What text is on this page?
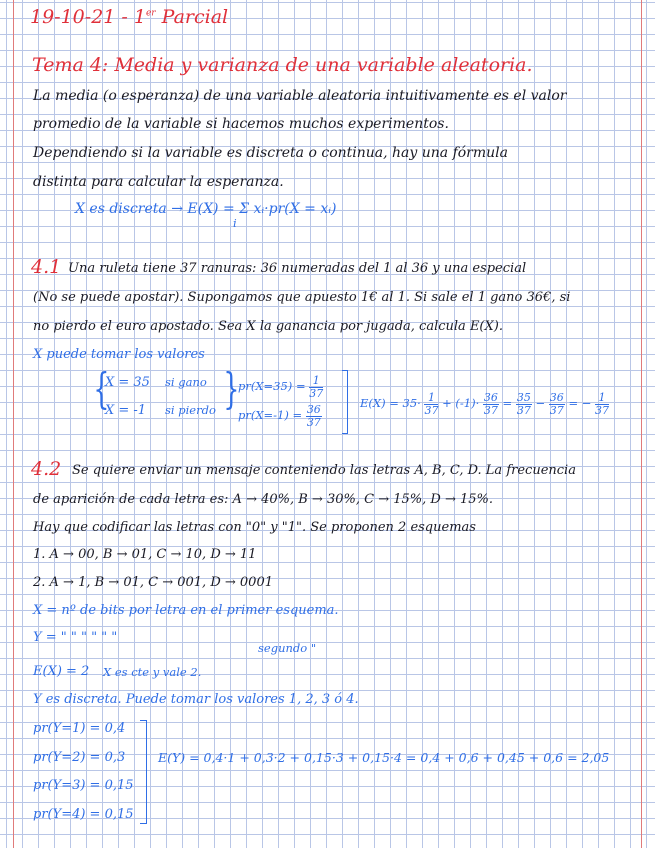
19-10-21 - 1er Parcial
Tema 4: Media y varianza de una variable aleatoria.
La media (o esperanza) de una variable aleatoria intuitivamente es el valor
promedio de la variable si hacemos muchos experimentos.
Dependiendo si la variable es discreta o continua, hay una fórmula
distinta para calcular la esperanza.
X es discreta → E(X) = Σ xᵢ·pr(X = xᵢ)
i
4.1 Una ruleta tiene 37 ranuras: 36 numeradas del 1 al 36 y una especial
(No se puede apostar). Supongamos que apuesto 1€ al 1. Si sale el 1 gano 36€, si
no pierdo el euro apostado. Sea X la ganancia por jugada, calcula E(X).
X puede tomar los valores
{
X = 35 si gano
X = -1 si pierdo }
$pr(X=35) = \frac{1}{37}$
$pr(X=-1) = \frac{36}{37}$
$E(X) = 35\cdot \frac{1}{37} + (-1)\cdot \frac{36}{37} = \frac{35}{37} - \frac{36}{37}$ = − $\frac{1}{37}$
4.2 Se quiere enviar un mensaje conteniendo las letras A, B, C, D. La frecuencia
de aparición de cada letra es: A → 40%, B → 30%, C → 15%, D → 15%.
Hay que codificar las letras con "0" y "1". Se proponen 2 esquemas
1. A → 00, B → 01, C → 10, D → 11
2. A → 1, B → 01, C → 001, D → 0001
X = nº de bits por letra en el primer esquema.
Y = " " " " " "
segundo "
E(X) = 2 X es cte y vale 2.
Y es discreta. Puede tomar los valores 1, 2, 3 ó 4.
pr(Y=1) = 0,4
pr(Y=2) = 0,3
pr(Y=3) = 0,15
pr(Y=4) = 0,15
E(Y) = 0,4·1 + 0,3·2 + 0,15·3 + 0,15·4 = 0,4 + 0,6 + 0,45 + 0,6 = 2,05
